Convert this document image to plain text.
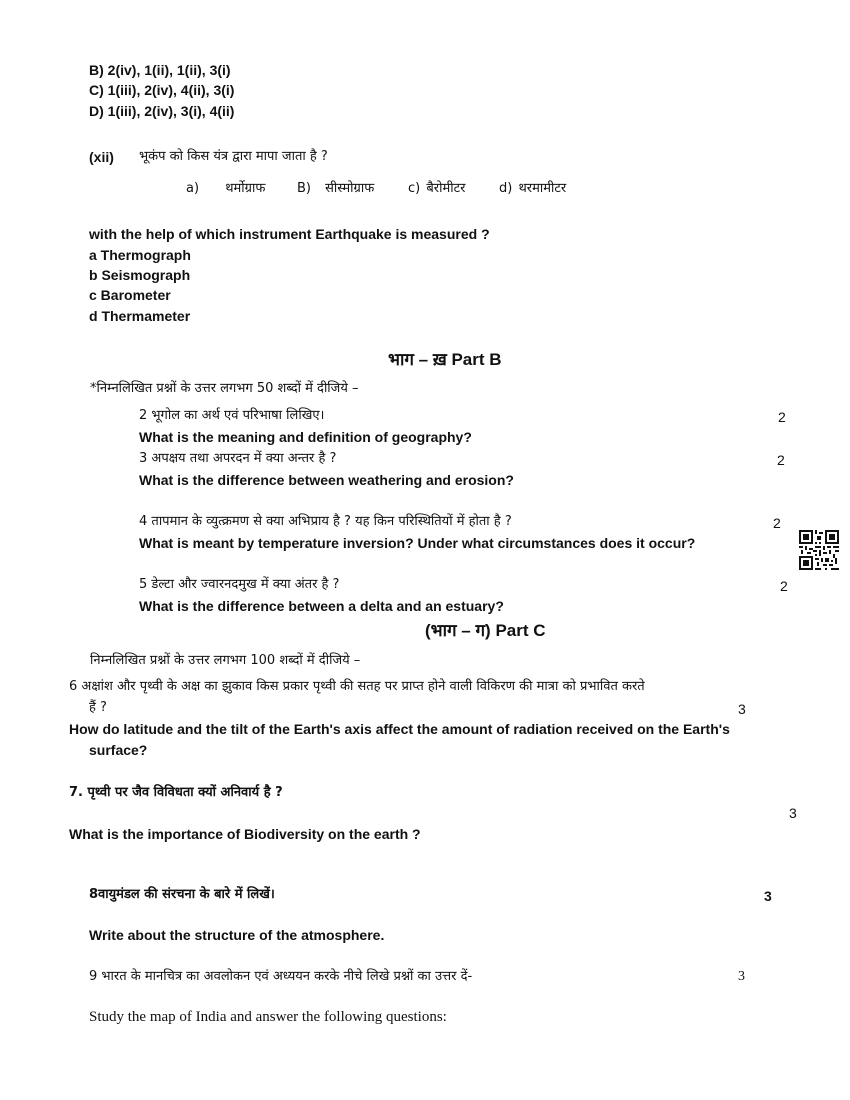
B) 2(iv), 1(ii), 1(ii), 3(i)
C) 1(iii), 2(iv), 4(ii), 3(i)
D) 1(iii), 2(iv), 3(i), 4(ii)
(xii) भूकंप को किस यंत्र द्वारा मापा जाता है ?
a) थर्मोग्राफ B) सीस्मोग्राफ	c) बैरोमीटर	d) थरमामीटर
with the help of which instrument Earthquake is measured ?
a Thermograph
b Seismograph
c Barometer
d Thermameter
भाग – ख़ Part B
*निम्नलिखित प्रश्नों के उत्तर लगभग 50 शब्दों में दीजिये –
2 भूगोल का अर्थ एवं परिभाषा लिखिए।	2
What is the meaning and definition of geography?
3 अपक्षय तथा अपरदन में क्या अन्तर है ?	2
What is the difference between weathering and erosion?
4 तापमान के व्युत्क्रमण से क्या अभिप्राय है ? यह किन परिस्थितियों में होता है ?	2
What is meant by temperature inversion? Under what circumstances does it occur?
5 डेल्टा और ज्वारनदमुख में क्या अंतर है ?	2
What is the difference between a delta and an estuary?
(भाग – ग) Part C
निम्नलिखित प्रश्नों के उत्तर लगभग 100 शब्दों में दीजिये –
6 अक्षांश और पृथ्वी के अक्ष का झुकाव किस प्रकार पृथ्वी की सतह पर प्राप्त होने वाली विकिरण की मात्रा को प्रभावित करते
हैं ?	3
How do latitude and the tilt of the Earth's axis affect the amount of radiation received on the Earth's
surface?
7. पृथ्वी पर जैव विविधता क्यों अनिवार्य है ?
3
What is the importance of Biodiversity on the earth ?
8वायुमंडल की संरचना के बारे में लिखें।	3
Write about the structure of the atmosphere.
9 भारत के मानचित्र का अवलोकन एवं अध्ययन करके नीचे लिखे प्रश्नों का उत्तर दें-	3
Study the map of India and answer the following questions:
